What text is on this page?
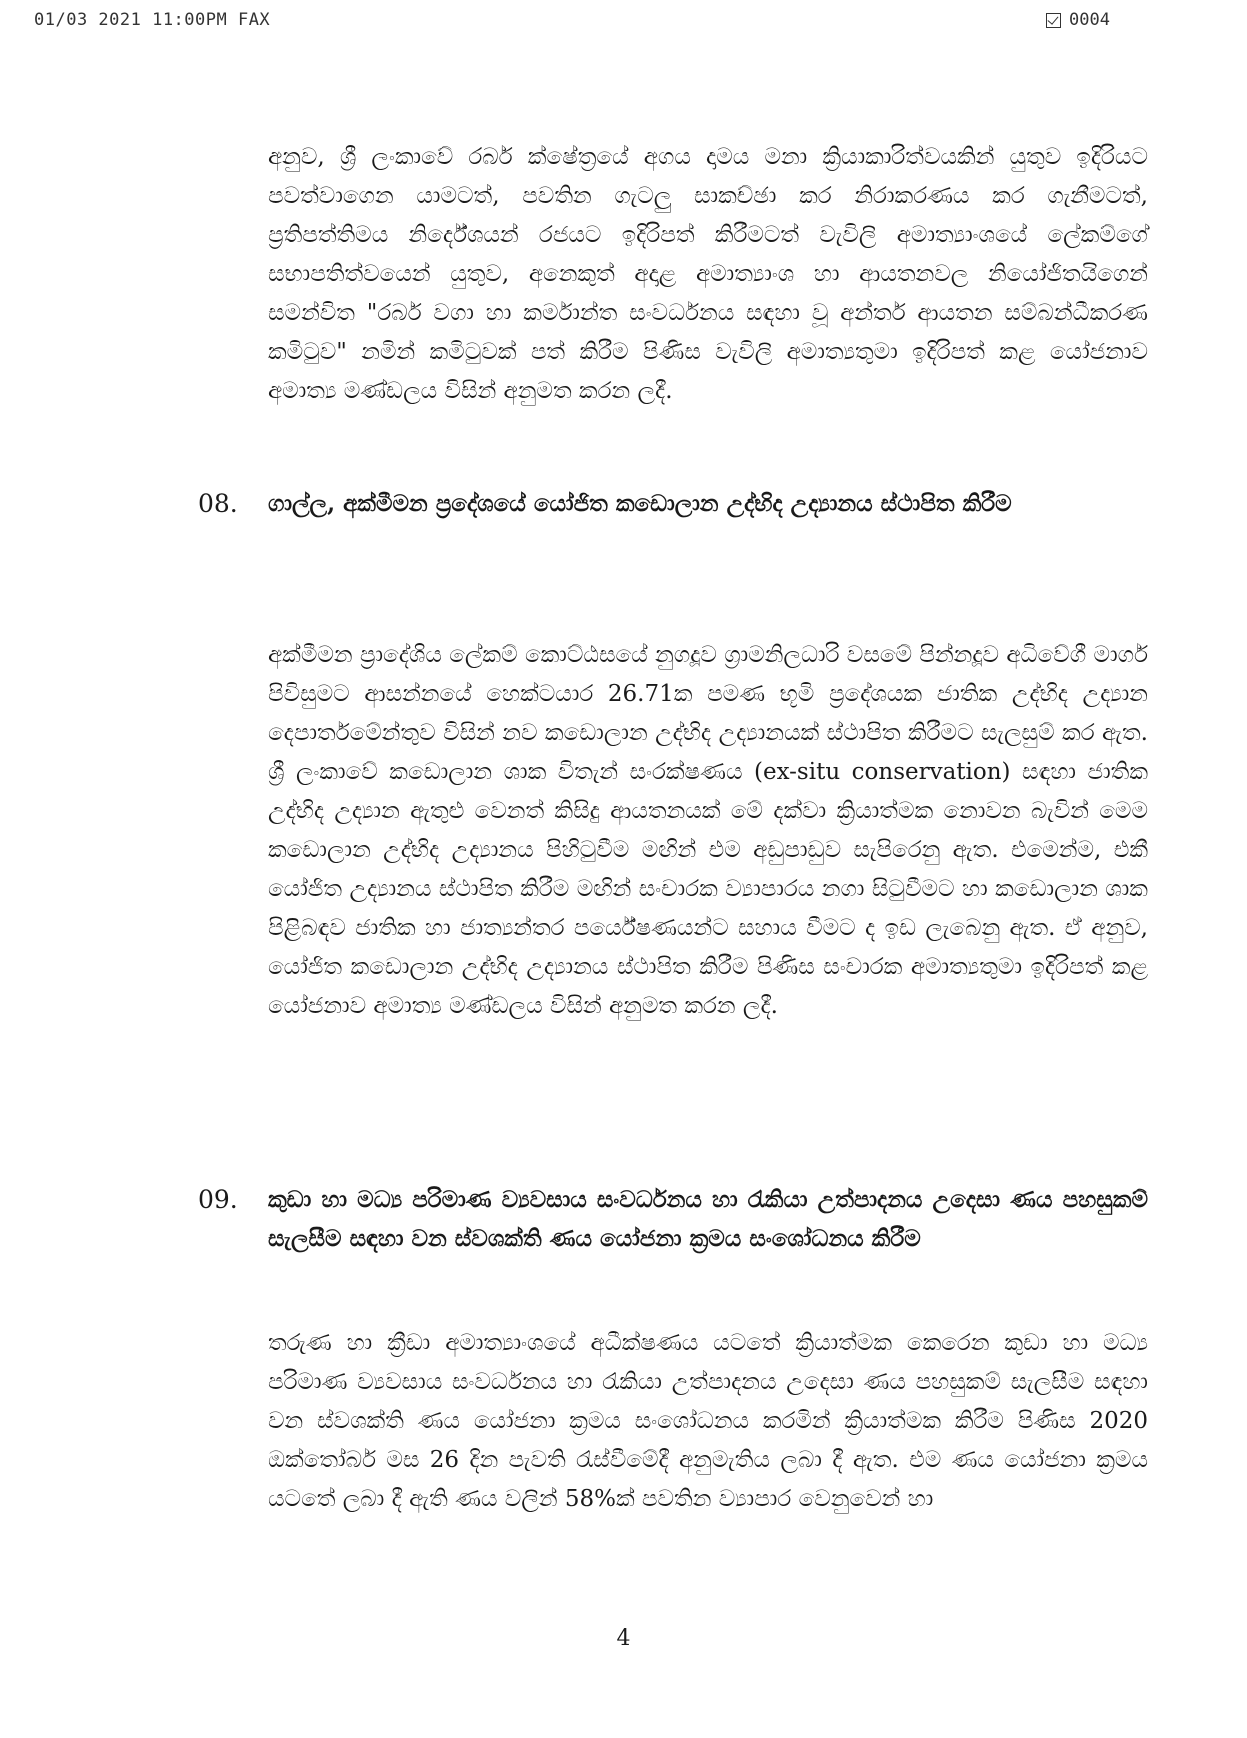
01/03 2021 11:00PM FAX	0004
අනුව, ශ්‍රී ලංකාවේ රබර් ක්ෂේත්‍රයේ අගය දාමය මනා ක්‍රියාකාරිත්වයකින් යුතුව ඉදිරියට පවත්වාගෙන යාමටත්, පවතින ගැටලු සාකච්ඡා කර නිරාකරණය කර ගැනීමටත්, ප්‍රතිපත්තිමය නිර්දේශයන් රජයට ඉදිරිපත් කිරීමටත් වැවිලි අමාත්‍යාංශයේ ලේකම්ගේ සභාපතිත්වයෙන් යුතුව, අනෙකුත් අදාළ අමාත්‍යාංශ හා ආයතනවල නියෝජිතයිගෙන් සමන්විත "රබර් වගා හා කර්මාන්ත සංවර්ධනය සඳහා වූ අන්තර් ආයතන සම්බන්ධීකරණ කමිටුව" නමින් කමිටුවක් පත් කිරීම පිණිස වැවිලි අමාත්‍යතුමා ඉදිරිපත් කළ යෝජනාව අමාත්‍ය මණ්ඩලය විසින් අනුමත කරන ලදී.
08. ගාල්ල, අක්මීමන ප්‍රදේශයේ යෝජිත කඩොලාන උද්භිද උද්‍යානය ස්ථාපිත කිරීම
අක්මීමන ප්‍රාදේශිය ලේකම් කොට්ඨසයේ නුගදූව ග්‍රාමනිලධාරි වසමේ පින්නදූව අධිවේගී මාර්ග පිවිසුමට ආසන්නයේ හෙක්ටයාර 26.71ක පමණ භූමි ප්‍රදේශයක ජාතික උද්භිද උද්‍යාන දෙපාර්තමේන්තුව විසින් නව කඩොලාන උද්භිද උද්‍යානයක් ස්ථාපිත කිරීමට සැලසුම් කර ඇත. ශ්‍රී ලංකාවේ කඩොලාන ශාක විතැන් සංරක්ෂණය (ex-situ conservation) සඳහා ජාතික උද්භිද උද්‍යාන ඇතුළු වෙනත් කිසිදු ආයතනයක් මේ දක්වා ක්‍රියාත්මක නොවන බැවින් මෙම කඩොලාන උද්භිද උද්‍යානය පිහිටුවීම මඟින් එම අඩුපාඩුව සැපිරෙනු ඇත. එමෙන්ම, එකී යෝජිත උද්‍යානය ස්ථාපිත කිරීම මඟින් සංචාරක ව්‍යාපාරය නගා සිටුවීමට හා කඩොලාන ශාක පිළිබඳව ජාතික හා ජාත්‍යන්තර පර්යේෂණයන්ට සහාය වීමට ද ඉඩ ලැබෙනු ඇත. ඒ අනුව, යෝජිත කඩොලාන උද්භිද උද්‍යානය ස්ථාපිත කිරීම පිණිස සංචාරක අමාත්‍යතුමා ඉදිරිපත් කළ යෝජනාව අමාත්‍ය මණ්ඩලය විසින් අනුමත කරන ලදී.
09. කුඩා හා මධ්‍ය පරිමාණ ව්‍යවසාය සංවර්ධනය හා රැකියා උත්පාදනය උදෙසා ණය පහසුකම් සැලසීම සඳහා වන ස්වශක්ති ණය යෝජනා ක්‍රමය සංශෝධනය කිරීම
තරුණ හා ක්‍රීඩා අමාත්‍යාංශයේ අධීක්ෂණය යටතේ ක්‍රියාත්මක කෙරෙන කුඩා හා මධ්‍ය පරිමාණ ව්‍යවසාය සංවර්ධනය හා රැකියා උත්පාදනය උදෙසා ණය පහසුකම් සැලසීම සඳහා වන ස්වශක්ති ණය යෝජනා ක්‍රමය සංශෝධනය කරමින් ක්‍රියාත්මක කිරීම පිණිස 2020 ඔක්තෝබර් මස 26 දින පැවති රැස්වීමේදී අනුමැතිය ලබා දී ඇත. එම ණය යෝජනා ක්‍රමය යටතේ ලබා දී ඇති ණය වලින් 58%ක් පවතින ව්‍යාපාර වෙනුවෙන් හා
4
